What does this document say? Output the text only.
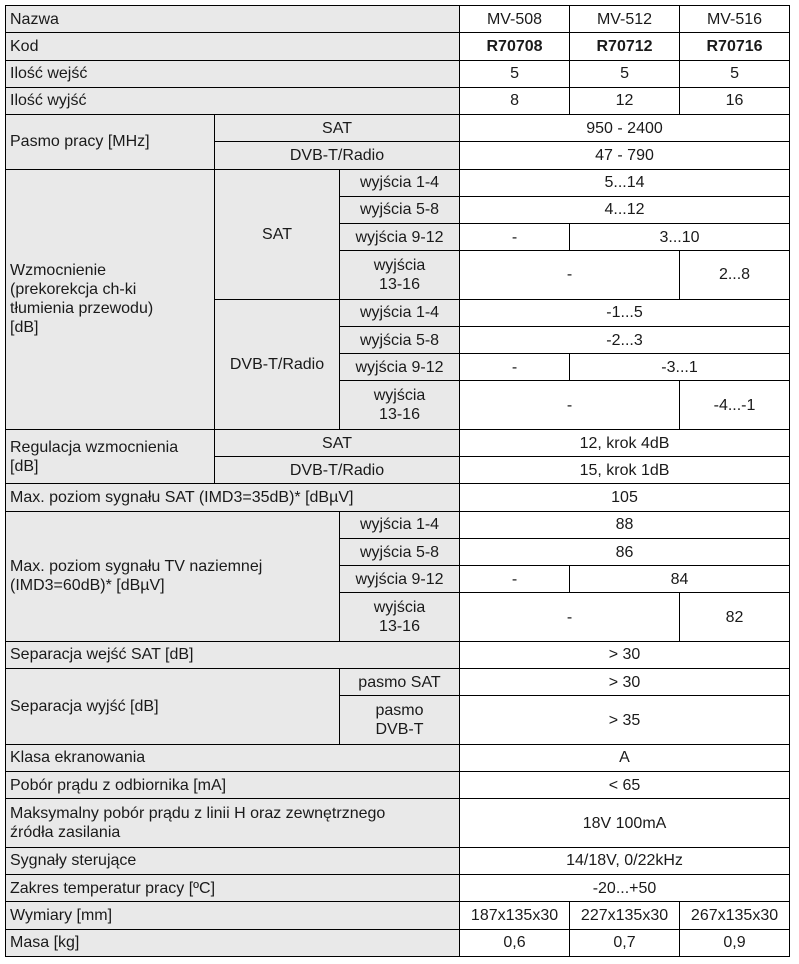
Nazwa			MV-508	MV-512	MV-516
Kod			R70708	R70712	R70716
Ilość wejść			5	5	5
Ilość wyjść			8	12	16
Pasmo pracy [MHz]	SAT		950 - 2400		
	DVB-T/Radio		47 - 790		
Wzmocnienie
(prekorekcja ch-ki
tłumienia przewodu)
[dB]	SAT	wyjścia 1-4	5...14		
		wyjścia 5-8	4...12		
		wyjścia 9-12	-	3...10	
		wyjścia
13-16	-		2...8
	DVB-T/Radio	wyjścia 1-4	-1...5		
		wyjścia 5-8	-2...3		
		wyjścia 9-12	-	-3...1	
		wyjścia
13-16	-		-4...-1
Regulacja wzmocnienia
[dB]	SAT		12, krok 4dB		
	DVB-T/Radio		15, krok 1dB		
Max. poziom sygnału SAT (IMD3=35dB)* [dBµV]			105		
Max. poziom sygnału TV naziemnej
(IMD3=60dB)* [dBµV]		wyjścia 1-4	88		
		wyjścia 5-8	86		
		wyjścia 9-12	-	84	
		wyjścia
13-16	-		82
Separacja wejść SAT [dB]			> 30		
Separacja wyjść [dB]		pasmo SAT	> 30		
		pasmo
DVB-T	> 35		
Klasa ekranowania			A		
Pobór prądu z odbiornika [mA]			< 65		
Maksymalny pobór prądu z linii H oraz zewnętrznego
źródła zasilania			18V 100mA		
Sygnały sterujące			14/18V, 0/22kHz		
Zakres temperatur pracy [ºC]			-20...+50		
Wymiary [mm]			187x135x30	227x135x30	267x135x30
Masa [kg]			0,6	0,7	0,9
